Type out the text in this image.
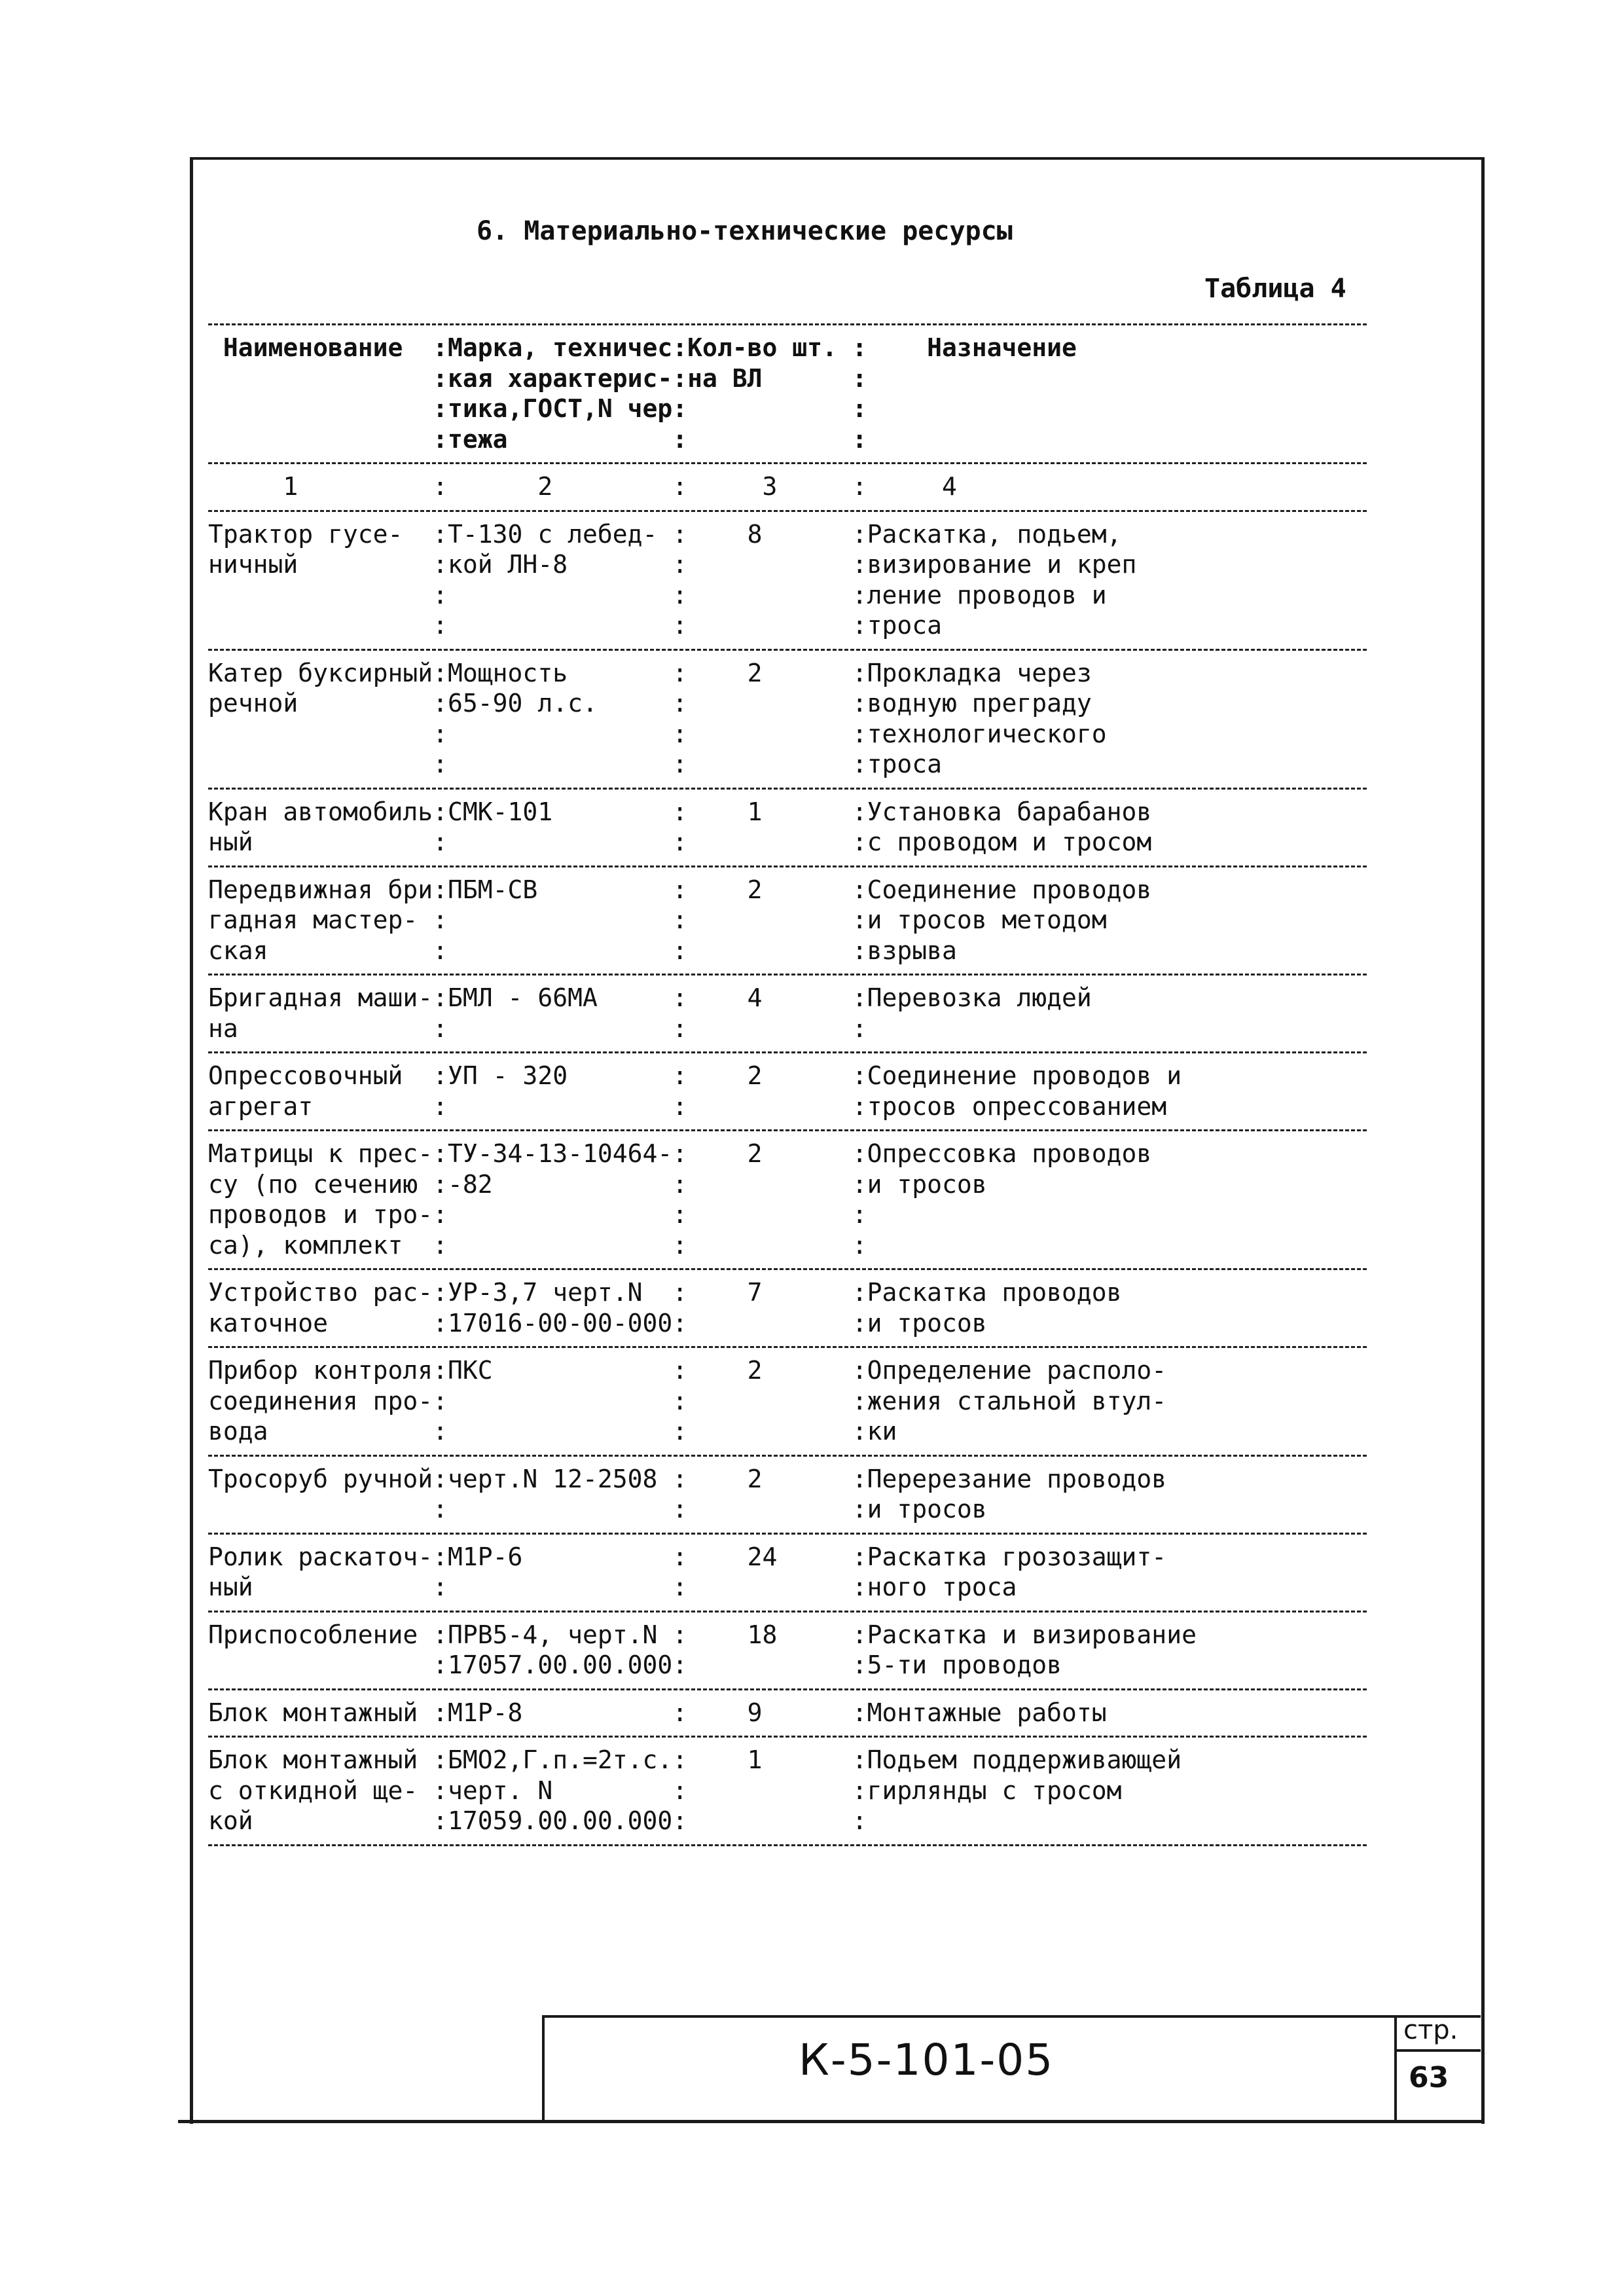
6. Материально-технические ресурсы
Таблица 4
Наименование  :Марка, техничес:Кол-во шт. :    Назначение
:кая характерис-:на ВЛ      :
:тика,ГОСТ,N чер:           :
:тежа           :           :
1         :      2        :     3     :     4
Трактор гусе-  :Т-130 с лебед- :    8      :Раскатка, подьем,
ничный         :кой ЛН-8       :           :визирование и креп
:               :           :ление проводов и
:               :           :троса
Катер буксирный:Мощность       :    2      :Прокладка через
речной         :65-90 л.с.     :           :водную преграду
:               :           :технологического
:               :           :троса
Кран автомобиль:СМК-101        :    1      :Установка барабанов
ный            :               :           :с проводом и тросом
Передвижная бри:ПБМ-СВ         :    2      :Соединение проводов
гадная мастер- :               :           :и тросов методом
ская           :               :           :взрыва
Бригадная маши-:БМЛ - 66МА     :    4      :Перевозка людей
на             :               :           :
Опрессовочный  :УП - 320       :    2      :Соединение проводов и
агрегат        :               :           :тросов опрессованием
Матрицы к прес-:ТУ-34-13-10464-:    2      :Опрессовка проводов
су (по сечению :-82            :           :и тросов
проводов и тро-:               :           :
са), комплект  :               :           :
Устройство рас-:УР-3,7 черт.N  :    7      :Раскатка проводов
каточное       :17016-00-00-000:           :и тросов
Прибор контроля:ПКС            :    2      :Определение располо-
соединения про-:               :           :жения стальной втул-
вода           :               :           :ки
Тросоруб ручной:черт.N 12-2508 :    2      :Перерезание проводов
:               :           :и тросов
Ролик раскаточ-:М1Р-6          :    24     :Раскатка грозозащит-
ный            :               :           :ного троса
Приспособление :ПРВ5-4, черт.N :    18     :Раскатка и визирование
:17057.00.00.000:           :5-ти проводов
Блок монтажный :М1Р-8          :    9      :Монтажные работы
Блок монтажный :БМО2,Г.п.=2т.с.:    1      :Подьем поддерживающей
с откидной ще- :черт. N        :           :гирлянды с тросом
кой            :17059.00.00.000:           :
К-5-101-05
стр.
63
